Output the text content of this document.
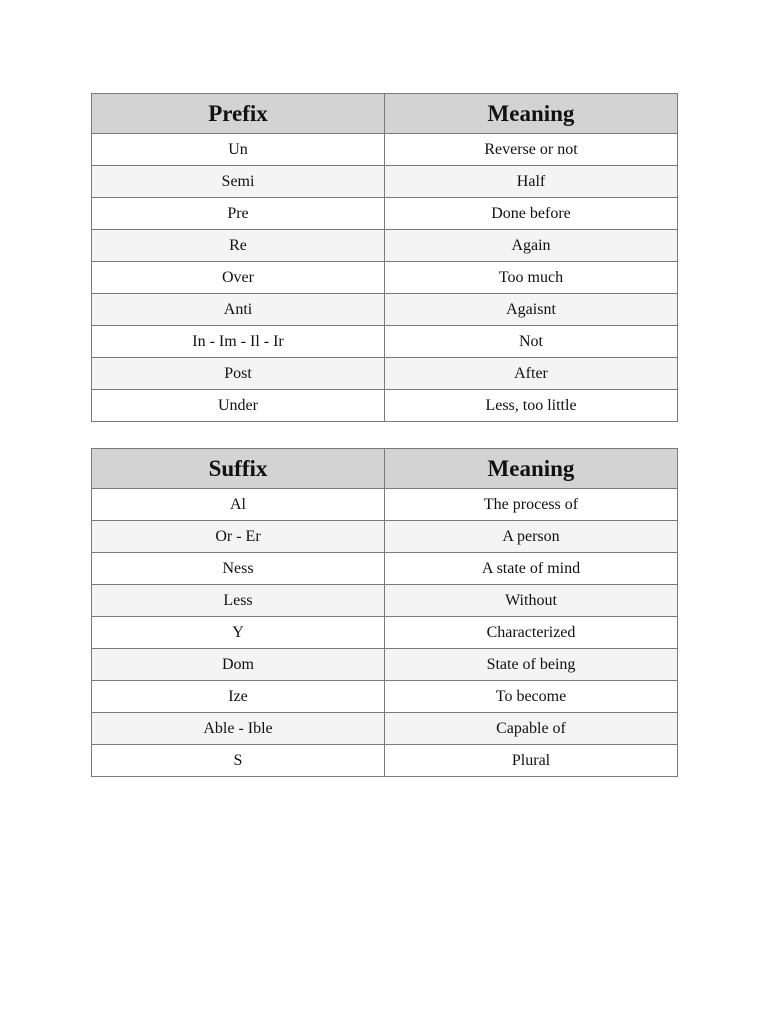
Prefix	Meaning
Un	Reverse or not
Semi	Half
Pre	Done before
Re	Again
Over	Too much
Anti	Agaisnt
In - Im - Il - Ir	Not
Post	After
Under	Less, too little
Suffix	Meaning
Al	The process of
Or - Er	A person
Ness	A state of mind
Less	Without
Y	Characterized
Dom	State of being
Ize	To become
Able - Ible	Capable of
S	Plural
